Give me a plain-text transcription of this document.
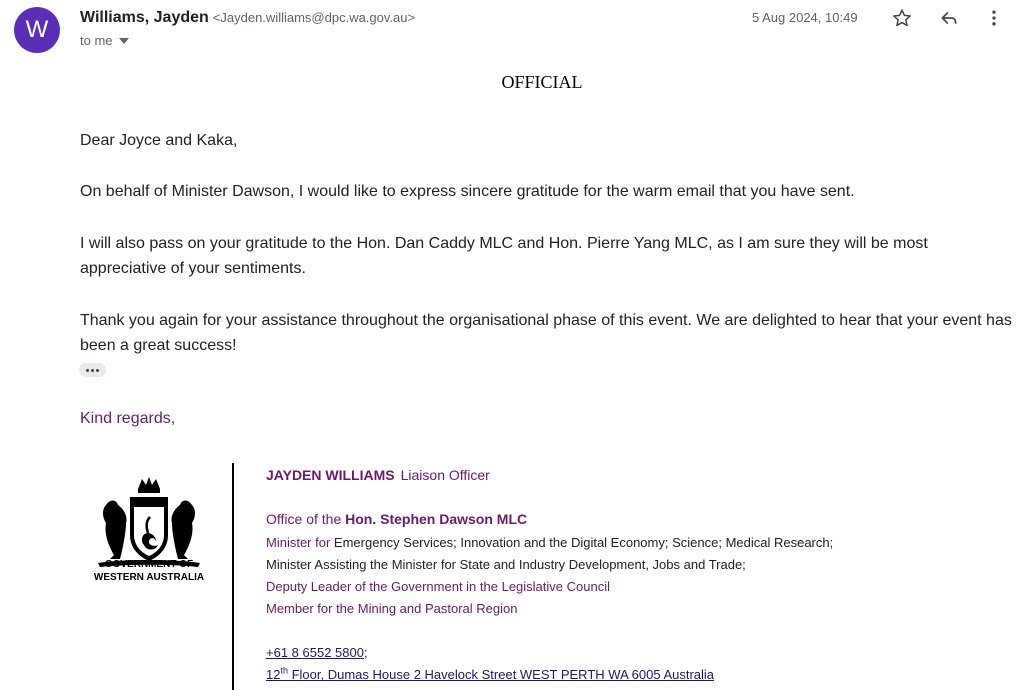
W	Williams, Jayden <Jayden.williams@dpc.wa.gov.au>
to me
5 Aug 2024, 10:49
OFFICIAL
Dear Joyce and Kaka,
On behalf of Minister Dawson, I would like to express sincere gratitude for the warm email that you have sent.
I will also pass on your gratitude to the Hon. Dan Caddy MLC and Hon. Pierre Yang MLC, as I am sure they will be most appreciative of your sentiments.
Thank you again for your assistance throughout the organisational phase of this event. We are delighted to hear that your event has been a great success!
Kind regards,
GOVERNMENT OF
WESTERN AUSTRALIA
JAYDEN WILLIAMS Liaison Officer
Office of the Hon. Stephen Dawson MLC
Minister for Emergency Services; Innovation and the Digital Economy; Science; Medical Research;
Minister Assisting the Minister for State and Industry Development, Jobs and Trade;
Deputy Leader of the Government in the Legislative Council
Member for the Mining and Pastoral Region
+61 8 6552 5800;
12th Floor, Dumas House 2 Havelock Street WEST PERTH WA 6005 Australia
